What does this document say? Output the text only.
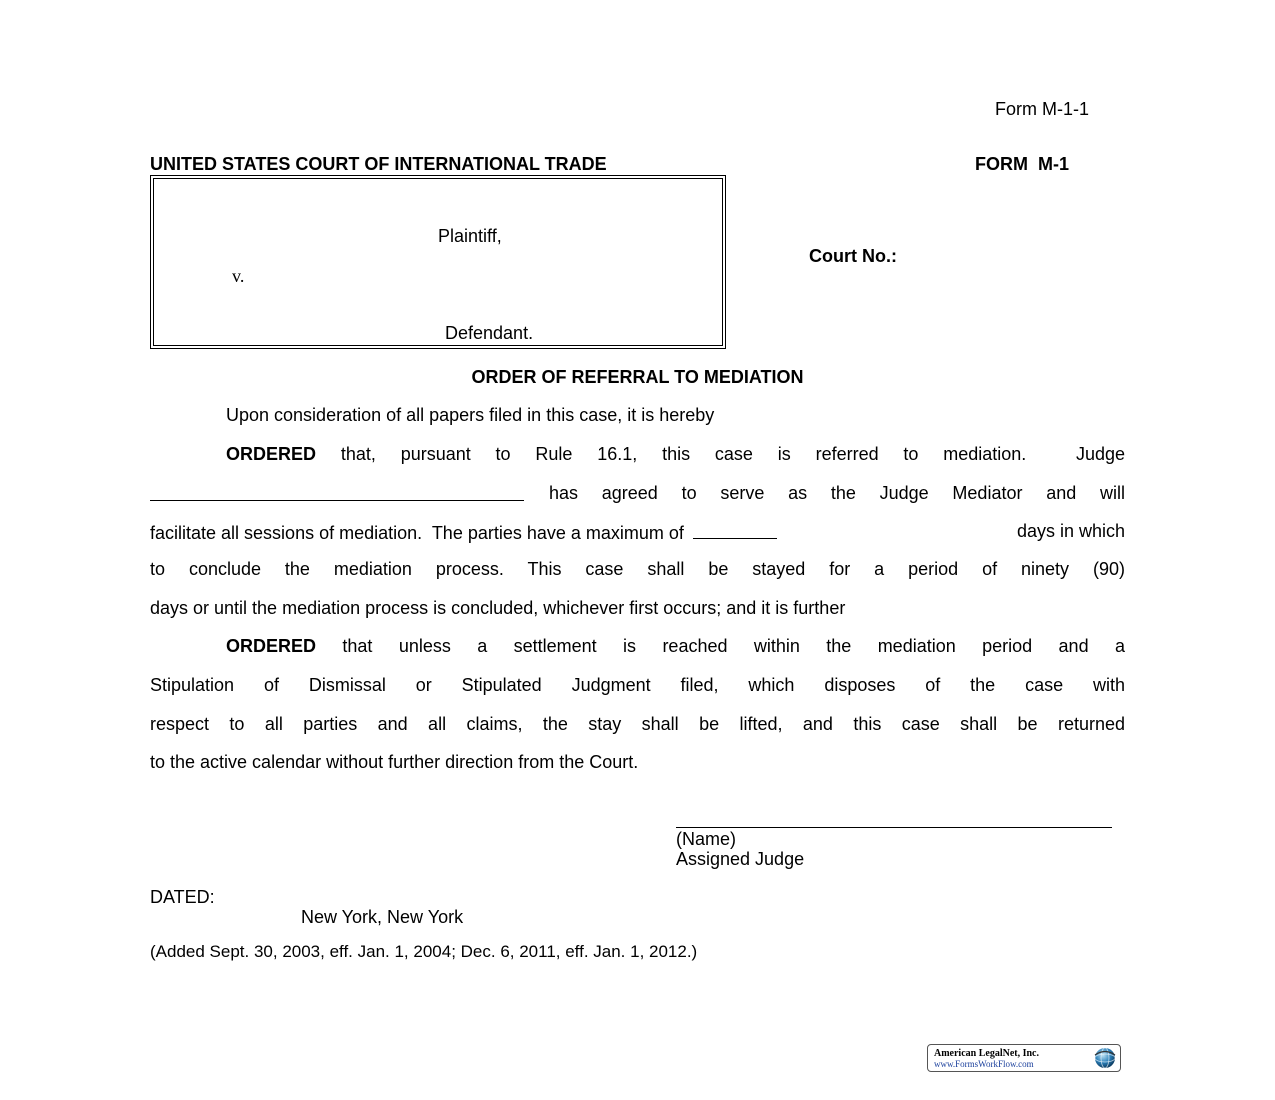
Form M-1-1
UNITED STATES COURT OF INTERNATIONAL TRADE	FORM  M-1
Plaintiff,
v.
Defendant.
Court No.:
ORDER OF REFERRAL TO MEDIATION
Upon consideration of all papers filed in this case, it is hereby
ORDERED that, pursuant to Rule 16.1, this case is referred to mediation.  Judge
has agreed to serve as the Judge Mediator and will
facilitate all sessions of mediation.  The parties have a maximum of	days in which
to conclude the mediation process. This case shall be stayed for a period of ninety (90)
days or until the mediation process is concluded, whichever first occurs; and it is further
ORDERED that unless a settlement is reached within the mediation period and a
Stipulation of Dismissal or Stipulated Judgment filed, which disposes of the case with
respect to all parties and all claims, the stay shall be lifted, and this case shall be returned
to the active calendar without further direction from the Court.
(Name)
Assigned Judge
DATED:
New York, New York
(Added Sept. 30, 2003, eff. Jan. 1, 2004; Dec. 6, 2011, eff. Jan. 1, 2012.)
American LegalNet, Inc.
www.FormsWorkFlow.com
